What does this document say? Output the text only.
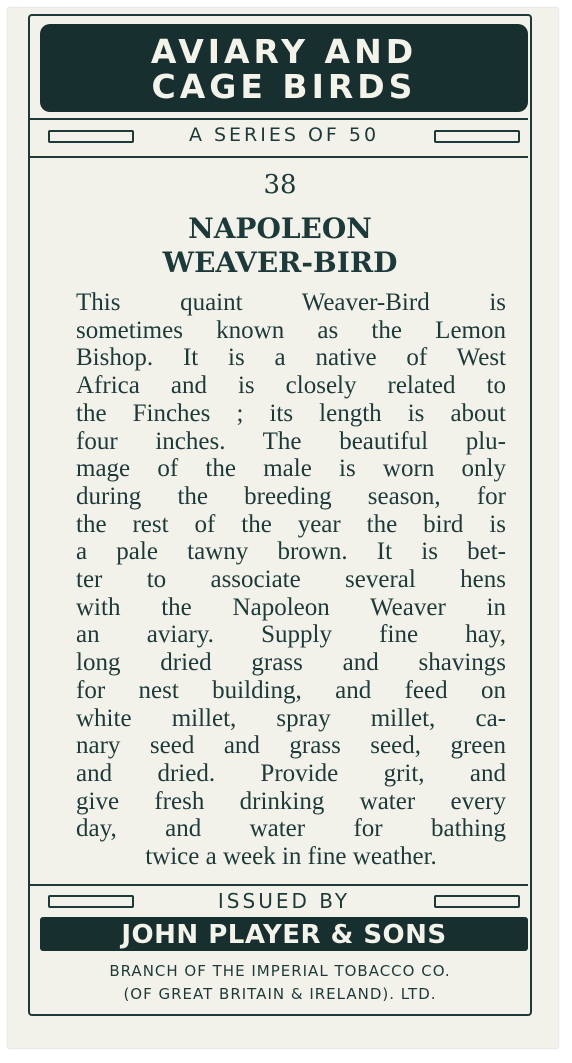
AVIARY AND
CAGE BIRDS
A SERIES OF 50
38
NAPOLEON
WEAVER-BIRD
This quaint Weaver-Bird is
sometimes known as the Lemon
Bishop. It is a native of West
Africa and is closely related to
the Finches ; its length is about
four inches. The beautiful plu-
mage of the male is worn only
during the breeding season, for
the rest of the year the bird is
a pale tawny brown. It is bet-
ter to associate several hens
with the Napoleon Weaver in
an aviary. Supply fine hay,
long dried grass and shavings
for nest building, and feed on
white millet, spray millet, ca-
nary seed and grass seed, green
and dried. Provide grit, and
give fresh drinking water every
day, and water for bathing
twice a week in fine weather.
ISSUED BY
JOHN PLAYER & SONS
BRANCH OF THE IMPERIAL TOBACCO CO.
(OF GREAT BRITAIN & IRELAND). LTD.
